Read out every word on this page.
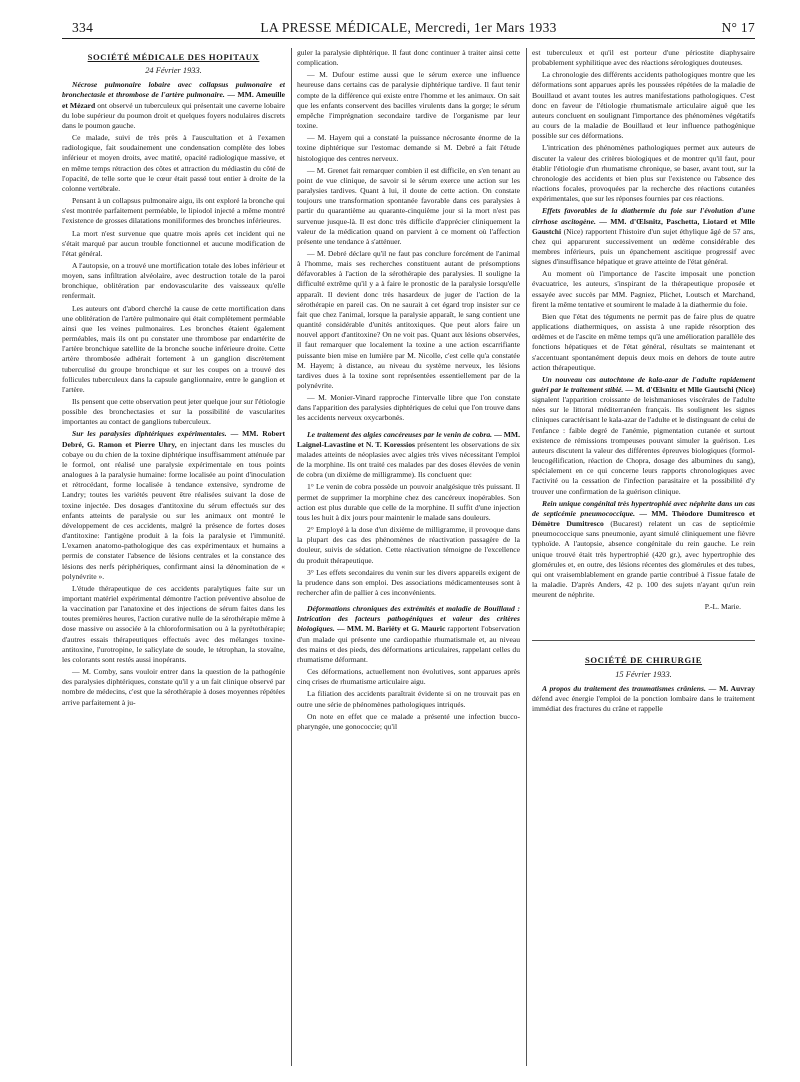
334	LA PRESSE MÉDICALE, Mercredi, 1er Mars 1933	N° 17
SOCIÉTÉ MÉDICALE DES HOPITAUX
24 Février 1933.

Nécrose pulmonaire lobaire avec collapsus pulmonaire et bronchectasie et thrombose de l'artère pulmonaire. — MM. Ameuille et Mézard ont observé un tuberculeux qui présentait une caverne lobaire du lobe supérieur du poumon droit et quelques foyers nodulaires discrets dans le poumon gauche.

Ce malade, suivi de très près à l'auscultation et à l'examen radiologique, fait soudainement une condensation complète des lobes inférieur et moyen droits, avec matité, opacité radiologique massive, et en même temps rétraction des côtes et attraction du médiastin du côté de l'opacité, de telle sorte que le cœur était passé tout entier à droite de la colonne vertébrale.

Pensant à un collapsus pulmonaire aigu, ils ont exploré la bronche qui s'est montrée parfaitement perméable, le lipiodol injecté a même montré l'existence de grosses dilatations moniliformes des bronches inférieures.

La mort n'est survenue que quatre mois après cet incident qui ne s'était marqué par aucun trouble fonctionnel et aucune modification de l'état général.

A l'autopsie, on a trouvé une mortification totale des lobes inférieur et moyen, sans infiltration alvéolaire, avec destruction totale de la paroi bronchique, oblitération par endovascularite des vaisseaux qu'elle renfermait.

Les auteurs ont d'abord cherché la cause de cette mortification dans une oblitération de l'artère pulmonaire qui était complètement perméable ainsi que les veines pulmonaires. Les bronches étaient également perméables, mais ils ont pu constater une thrombose par endartérite de l'artère bronchique satellite de la bronche souche inférieure droite. Cette artère thrombosée adhérait fortement à un ganglion discrètement tuberculisé du groupe bronchique et sur les coupes on a trouvé des follicules tuberculeux dans la capsule ganglionnaire, entre le ganglion et l'artère.

Ils pensent que cette observation peut jeter quelque jour sur l'étiologie possible des bronchectasies et sur la possibilité de vascularites importantes au contact de ganglions tuberculeux.

Sur les paralysies diphtériques expérimentales. — MM. Robert Debré, G. Ramon et Pierre Uhry, en injectant dans les muscles du cobaye ou du chien de la toxine diphtérique insuffisamment atténuée par le formol, ont réalisé une paralysie expérimentale en tous points analogues à la paralysie humaine: forme localisée au point d'inoculation et rétrocédant, forme localisée à tendance extensive, syndrome de Landry; toutes les variétés peuvent être réalisées suivant la dose de toxine injectée. Des dosages d'antitoxine du sérum effectués sur des enfants atteints de paralysie ou sur les animaux ont montré le développement de ces accidents, malgré la présence de fortes doses d'antitoxine: l'antigène produit à la fois la paralysie et l'immunité. L'examen anatomo-pathologique des cas expérimentaux et humains a permis de constater l'absence de lésions centrales et la constance des lésions des nerfs périphériques, confirmant ainsi la dénomination de « polynévrite ».

L'étude thérapeutique de ces accidents paralytiques faite sur un important matériel expérimental démontre l'action préventive absolue de la vaccination par l'anatoxine et des injections de sérum faites dans les toutes premières heures, l'action curative nulle de la sérothérapie même à dose massive ou associée à la chloroformisation ou à la pyrétothérapie; d'autres essais thérapeutiques effectués avec des mélanges toxine-antitoxine, l'urotropine, le salicylate de soude, le tétrophan, la stovaïne, les colorants sont restés aussi inopérants.

— M. Comby, sans vouloir entrer dans la question de la pathogénie des paralysies diphtériques, constate qu'il y a un fait clinique observé par nombre de médecins, c'est que la sérothérapie à doses moyennes répétées arrive parfaitement à ju-

guler la paralysie diphtérique. Il faut donc continuer à traiter ainsi cette complication.

— M. Dufour estime aussi que le sérum exerce une influence heureuse dans certains cas de paralysie diphtérique tardive. Il faut tenir compte de la différence qui existe entre l'homme et les animaux. On sait que les enfants conservent des bacilles virulents dans la gorge; le sérum empêche l'imprégnation secondaire tardive de l'organisme par leur toxine.

— M. Hayem qui a constaté la puissance nécrosante énorme de la toxine diphtérique sur l'estomac demande si M. Debré a fait l'étude histologique des centres nerveux.

— M. Grenet fait remarquer combien il est difficile, en s'en tenant au point de vue clinique, de savoir si le sérum exerce une action sur les paralysies tardives. Quant à lui, il doute de cette action. On constate toujours une transformation spontanée favorable dans ces paralysies à partir du quarantième au quarante-cinquième jour si la mort n'est pas survenue jusque-là. Il est donc très difficile d'apprécier cliniquement la valeur de la médication quand on parvient à ce moment où l'affection présente une tendance à s'atténuer.

— M. Debré déclare qu'il ne faut pas conclure forcément de l'animal à l'homme, mais ses recherches constituent autant de présomptions défavorables à l'action de la sérothérapie des paralysies. Il souligne la difficulté extrême qu'il y a à faire le pronostic de la paralysie lorsqu'elle apparaît. Il devient donc très hasardeux de juger de l'action de la sérothérapie en pareil cas. On ne saurait à cet égard trop insister sur ce fait que chez l'animal, lorsque la paralysie apparaît, le sang contient une quantité considérable d'unités antitoxiques. Que peut alors faire un nouvel apport d'antitoxine? On ne voit pas. Quant aux lésions observées, il faut remarquer que localement la toxine a une action escarrifiante puissante bien mise en lumière par M. Nicolle, c'est celle qu'a constatée M. Hayem; à distance, au niveau du système nerveux, les lésions tardives dues à la toxine sont représentées essentiellement par de la polynévrite.

— M. Monier-Vinard rapproche l'intervalle libre que l'on constate dans l'apparition des paralysies diphtériques de celui que l'on trouve dans les accidents nerveux oxycarbonés.

Le traitement des algies cancéreuses par le venin de cobra. — MM. Laignel-Lavastine et N. T. Koressios présentent les observations de six malades atteints de néoplasies avec algies très vives nécessitant l'emploi de la morphine. Ils ont traité ces malades par des doses élevées de venin de cobra (un dixième de milligramme). Ils concluent que:

1° Le venin de cobra possède un pouvoir analgésique très puissant. Il permet de supprimer la morphine chez des cancéreux inopérables. Son action est plus durable que celle de la morphine. Il suffit d'une injection tous les huit à dix jours pour maintenir le malade sans douleurs.

2° Employé à la dose d'un dixième de milligramme, il provoque dans la plupart des cas des phénomènes de réactivation passagère de la douleur, suivis de sédation. Cette réactivation témoigne de l'excellence du produit thérapeutique.

3° Les effets secondaires du venin sur les divers appareils exigent de la prudence dans son emploi. Des associations médicamenteuses sont à rechercher afin de pallier à ces inconvénients.

Déformations chroniques des extrémités et maladie de Bouillaud : Intrication des facteurs pathogéniques et valeur des critères biologiques. — MM. M. Bariéty et G. Mauric rapportent l'observation d'un malade qui présente une cardiopathie rhumatismale et, au niveau des mains et des pieds, des déformations articulaires, rappelant celles du rhumatisme déformant.

Ces déformations, actuellement non évolutives, sont apparues après cinq crises de rhumatisme articulaire aigu.

La filiation des accidents paraîtrait évidente si on ne trouvait pas en outre une série de phénomènes pathologiques intriqués.

On note en effet que ce malade a présenté une infection bucco-pharyngée, une gonococcie; qu'il

est tuberculeux et qu'il est porteur d'une périostite diaphysaire probablement syphilitique avec des réactions sérologiques douteuses.

La chronologie des différents accidents pathologiques montre que les déformations sont apparues après les poussées répétées de la maladie de Bouillaud et avant toutes les autres manifestations pathologiques. C'est donc en faveur de l'étiologie rhumatismale articulaire aiguë que les auteurs concluent en soulignant l'importance des phénomènes végétatifs au cours de la maladie de Bouillaud et leur influence pathogénique possible sur ces déformations.

L'intrication des phénomènes pathologiques permet aux auteurs de discuter la valeur des critères biologiques et de montrer qu'il faut, pour établir l'étiologie d'un rhumatisme chronique, se baser, avant tout, sur la chronologie des accidents et bien plus sur l'existence ou l'absence des réactions focales, provoquées par la recherche des réactions cutanées expérimentales, que sur les réponses fournies par ces réactions.

Effets favorables de la diathermie du foie sur l'évolution d'une cirrhose ascitogène. — MM. d'Œlsnitz, Paschetta, Liotard et Mlle Gaustchi (Nice) rapportent l'histoire d'un sujet éthylique âgé de 57 ans, chez qui apparurent successivement un œdème considérable des membres inférieurs, puis un épanchement ascitique progressif avec signes d'insuffisance hépatique et grave atteinte de l'état général.

Au moment où l'importance de l'ascite imposait une ponction évacuatrice, les auteurs, s'inspirant de la thérapeutique proposée et essayée avec succès par MM. Pagniez, Plichet, Loutsch et Marchand, firent la même tentative et soumirent le malade à la diathermie du foie.

Bien que l'état des téguments ne permit pas de faire plus de quatre applications diathermiques, on assista à une rapide résorption des œdèmes et de l'ascite en même temps qu'à une amélioration parallèle des fonctions hépatiques et de l'état général, résultats se maintenant et s'accentuant spontanément depuis deux mois en dehors de toute autre action thérapeutique.

Un nouveau cas autochtone de kala-azar de l'adulte rapidement guéri par le traitement stibié. — M. d'Œlsnitz et Mlle Gautschi (Nice) signalent l'apparition croissante de leishmanioses viscérales de l'adulte nées sur le littoral méditerranéen français. Ils soulignent les signes cliniques caractérisant le kala-azar de l'adulte et le distinguant de celui de l'enfance : faible degré de l'anémie, pigmentation cutanée et surtout existence de rémissions trompeuses pouvant simuler la guérison. Les auteurs discutent la valeur des différentes épreuves biologiques (formol-leucogélification, réaction de Chopra, dosage des albumines du sang), spécialement en ce qui concerne leurs rapports chronologiques avec l'activité ou la cessation de l'infection parasitaire et la possibilité d'y trouver une confirmation de la guérison clinique.

Rein unique congénital très hypertrophié avec néphrite dans un cas de septicémie pneumococcique. — MM. Théodore Dumitresco et Démètre Dumitresco (Bucarest) relatent un cas de septicémie pneumococcique sans pneumonie, ayant simulé cliniquement une fièvre typhoïde. A l'autopsie, absence congénitale du rein gauche. Le rein unique trouvé était très hypertrophié (420 gr.), avec hypertrophie des glomérules et, en outre, des lésions récentes des glomérules et des tubes, qui ont vraisemblablement en grande partie contribué à l'issue fatale de la maladie. D'après Anders, 42 p. 100 des sujets n'ayant qu'un rein meurent de néphrite.

P.-L. Marie.
SOCIÉTÉ DE CHIRURGIE
15 Février 1933.

A propos du traitement des traumatismes crâniens. — M. Auvray défend avec énergie l'emploi de la ponction lombaire dans le traitement immédiat des fractures du crâne et rappelle
